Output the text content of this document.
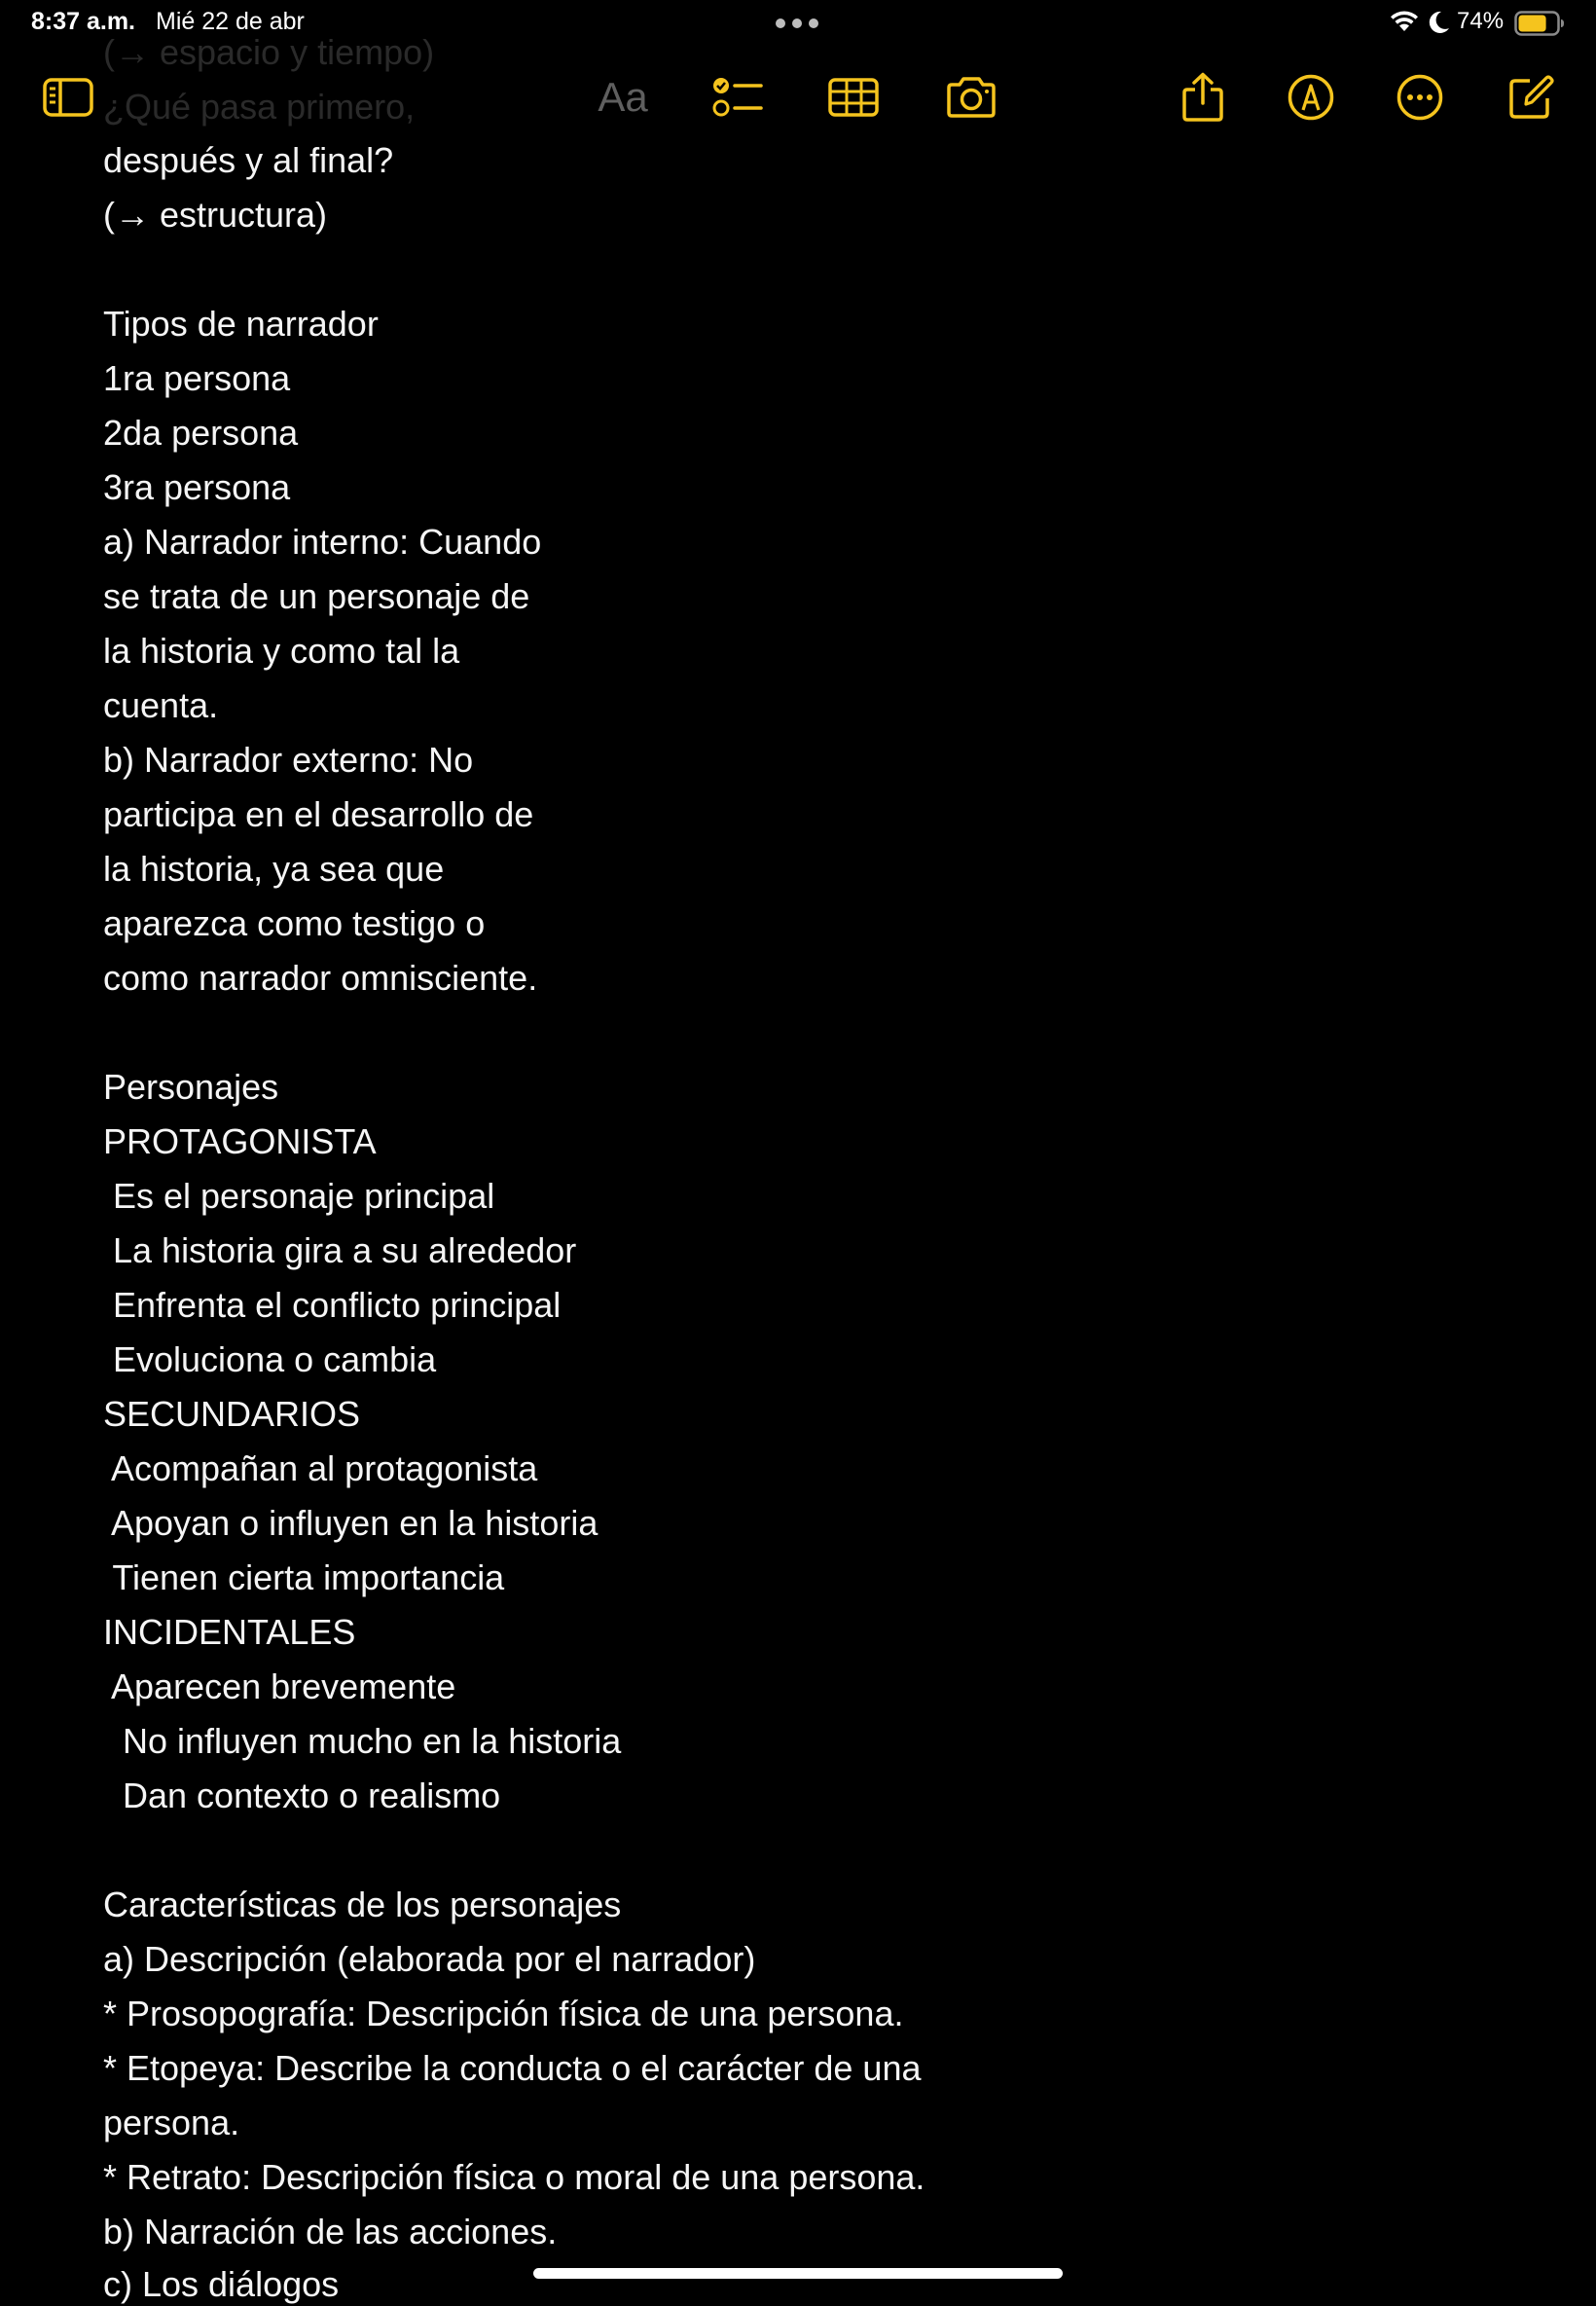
8:37 a.m. Mié 22 de abr	74%
Aa
(→ espacio y tiempo)
¿Qué pasa primero,
después y al final?
(→ estructura)
Tipos de narrador
1ra persona
2da persona
3ra persona
a) Narrador interno: Cuando
se trata de un personaje de
la historia y como tal la
cuenta.
b) Narrador externo: No
participa en el desarrollo de
la historia, ya sea que
aparezca como testigo o
como narrador omnisciente.
Personajes
PROTAGONISTA
Es el personaje principal
La historia gira a su alrededor
Enfrenta el conflicto principal
Evoluciona o cambia
SECUNDARIOS
Acompañan al protagonista
Apoyan o influyen en la historia
Tienen cierta importancia
INCIDENTALES
Aparecen brevemente
No influyen mucho en la historia
Dan contexto o realismo
Características de los personajes
a) Descripción (elaborada por el narrador)
* Prosopografía: Descripción física de una persona.
* Etopeya: Describe la conducta o el carácter de una
persona.
* Retrato: Descripción física o moral de una persona.
b) Narración de las acciones.
c) Los diálogos
